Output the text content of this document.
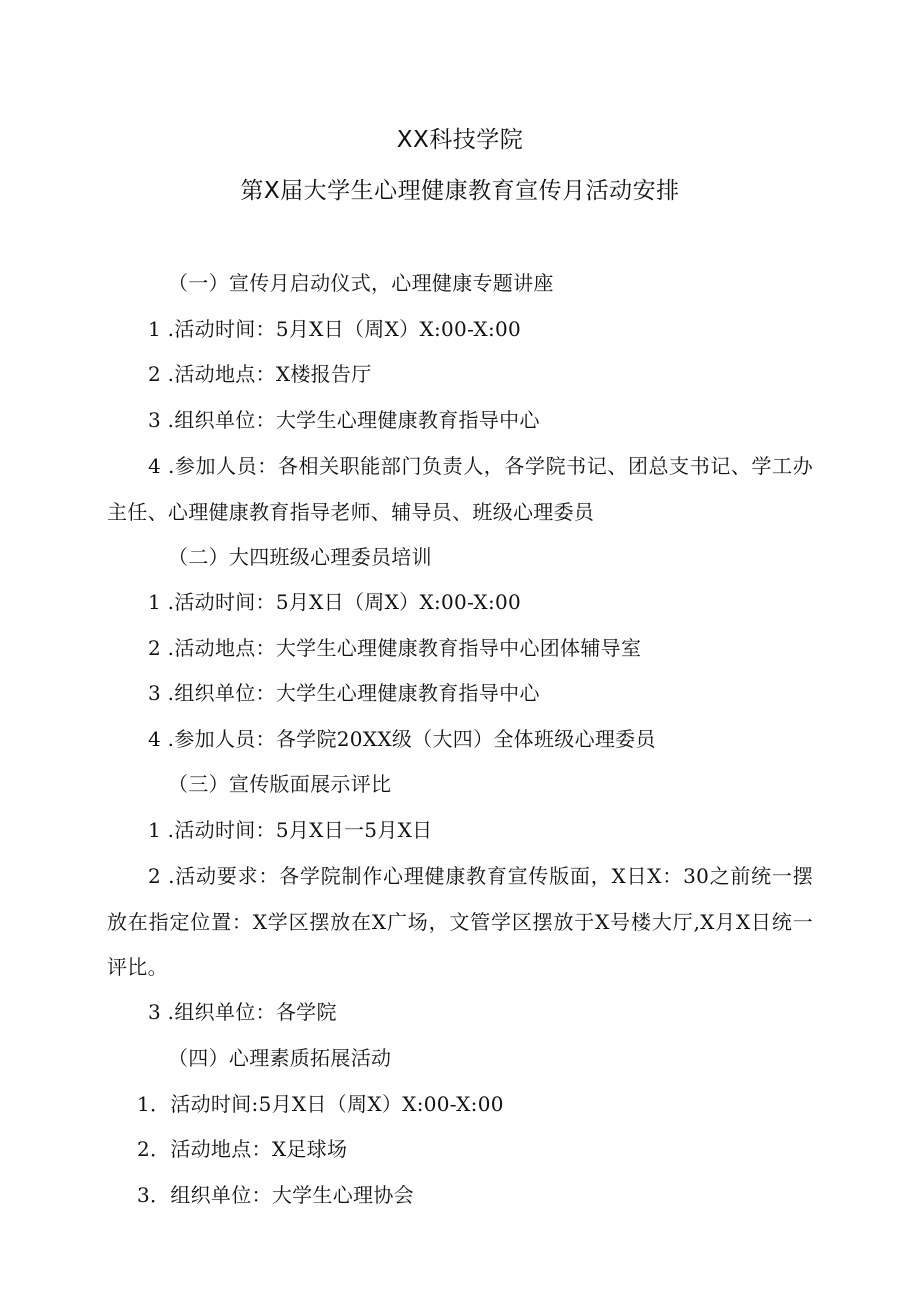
XX科技学院
第X届大学生心理健康教育宣传月活动安排
（一）宣传月启动仪式，心理健康专题讲座
1 .活动时间：5月X日（周X）X:00-X:00
2 .活动地点：X楼报告厅
3 .组织单位：大学生心理健康教育指导中心
4 .参加人员：各相关职能部门负责人，各学院书记、团总支书记、学工办主任、心理健康教育指导老师、辅导员、班级心理委员
（二）大四班级心理委员培训
1 .活动时间：5月X日（周X）X:00-X:00
2 .活动地点：大学生心理健康教育指导中心团体辅导室
3 .组织单位：大学生心理健康教育指导中心
4 .参加人员：各学院20XX级（大四）全体班级心理委员
（三）宣传版面展示评比
1 .活动时间：5月X日一5月X日
2 .活动要求：各学院制作心理健康教育宣传版面，X日X：30之前统一摆放在指定位置：X学区摆放在X广场，文管学区摆放于X号楼大厅,X月X日统一评比。
3 .组织单位：各学院
（四）心理素质拓展活动
1．活动时间:5月X日（周X）X:00-X:00
2．活动地点：X足球场
3．组织单位：大学生心理协会
